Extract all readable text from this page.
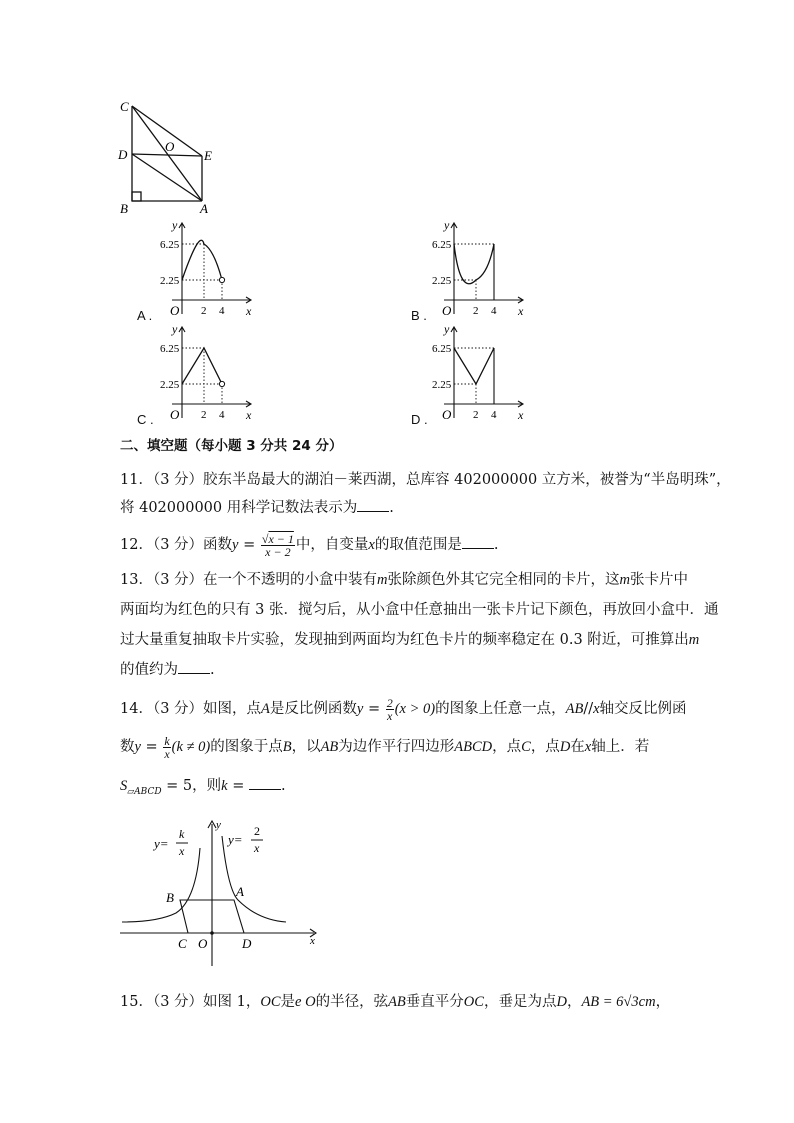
C
D
O
E
B	A
A .
6.25
2.25
2 4
O	x
y
B .
6.25
2.25
2 4
O	x
y
C .
6.25
2.25
2 4
O	x
y
D .
6.25
2.25
2 4
O	x
y
二、填空题（每小题 3 分共 24 分）
11．（3 分）胶东半岛最大的湖泊－莱西湖，总库容 402000000 立方米，被誉为“半岛明珠”，
将 402000000 用科学记数法表示为 .
12．（3 分）函数$y = \frac{√x - 1}{x - 2}$ 中，自变量x的取值范围是 .
13．（3 分）在一个不透明的小盒中装有m张除颜色外其它完全相同的卡片，这m张卡片中
两面均为红色的只有 3 张．搅匀后，从小盒中任意抽出一张卡片记下颜色，再放回小盒中．通
过大量重复抽取卡片实验，发现抽到两面均为红色卡片的频率稳定在 0.3 附近，可推算出m
的值约为 .
14．（3 分）如图，点A是反比例函数$y = \frac{2}{x} (x > 0)$的图象上任意一点，AB//x轴交反比例函
数$y = \frac{k}{x} (k \ne 0)$的图象于点B，以AB为边作平行四边形ABCD，点C，点D在x轴上．若
$S_{▱ABCD} = 5$，则k = .
y=
k
x
y=
2
x
B	A
C O	D	x
y
15．（3 分）如图 1，OC是e O的半径，弦AB垂直平分OC，垂足为点D，AB = 6√3cm，
